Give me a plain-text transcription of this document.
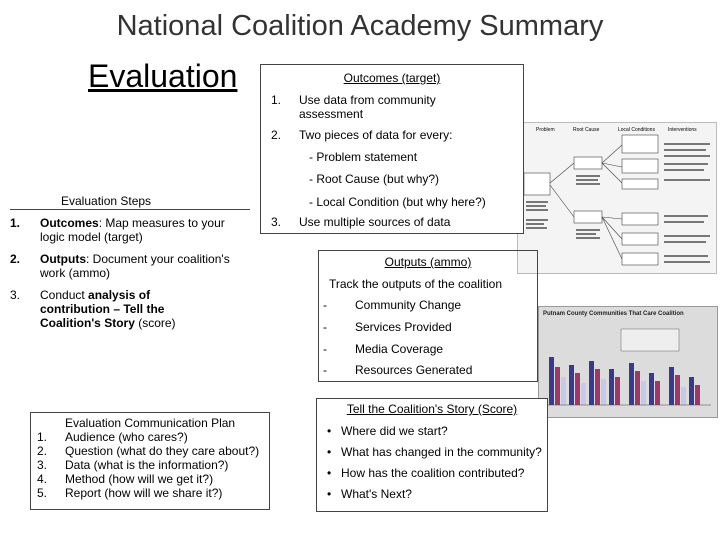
National Coalition Academy Summary
Evaluation
Problem	Root Cause	Local Conditions	Interventions
Putnam County Communities That Care Coalition
Outcomes (target)
1. Use data from community assessment
2. Two pieces of data for every:
- Problem statement
- Root Cause (but why?)
- Local Condition (but why here?)
3. Use multiple sources of data
Evaluation Steps
1. Outcomes: Map measures to your logic model (target)
2. Outputs: Document your coalition's work (ammo)
3. Conduct analysis of contribution – Tell the Coalition's Story (score)
Outputs (ammo)
Track the outputs of the coalition
- Community Change
- Services Provided
- Media Coverage
- Resources Generated
Tell the Coalition's Story (Score)
• Where did we start?
• What has changed in the community?
• How has the coalition contributed?
• What's Next?
Evaluation Communication Plan
1. Audience (who cares?)
2. Question (what do they care about?)
3. Data (what is the information?)
4. Method (how will we get it?)
5. Report (how will we share it?)
